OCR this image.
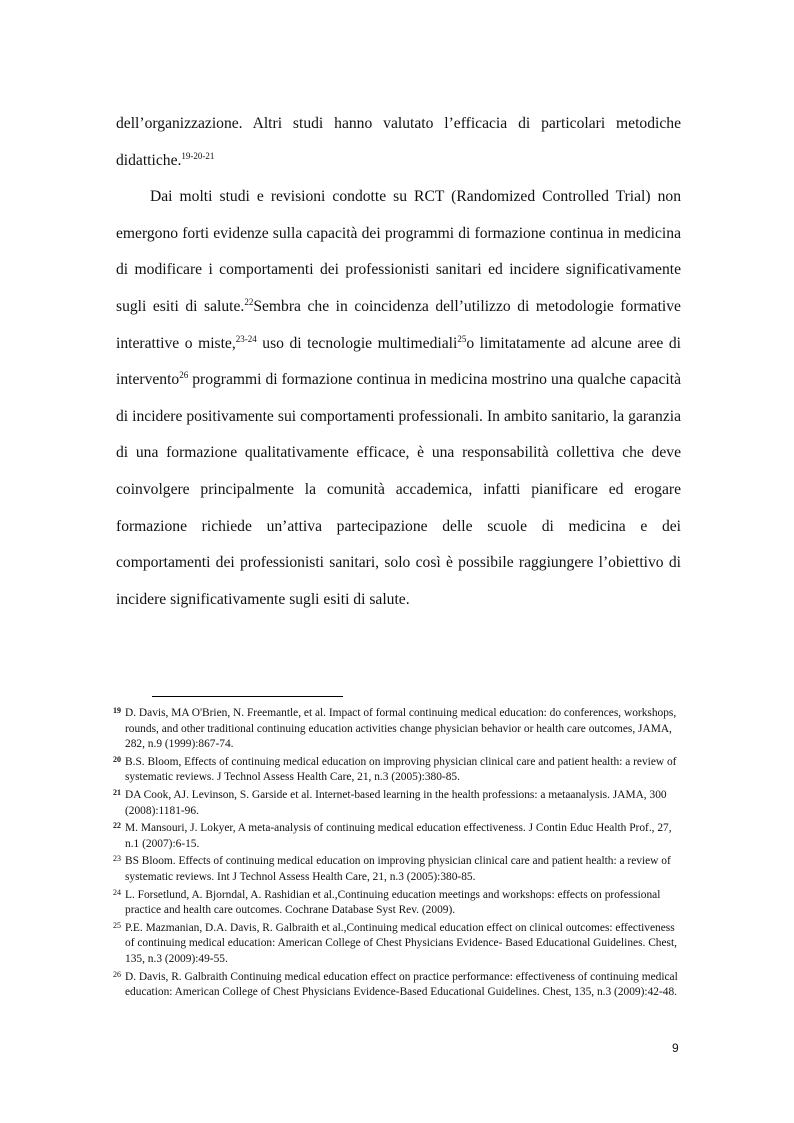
dell’organizzazione. Altri studi hanno valutato l’efficacia di particolari metodiche didattiche.$^{19-20-21}$

Dai molti studi e revisioni condotte su RCT (Randomized Controlled Trial) non emergono forti evidenze sulla capacità dei programmi di formazione continua in medicina di modificare i comportamenti dei professionisti sanitari ed incidere significativamente sugli esiti di salute.$^{22}$Sembra che in coincidenza dell’utilizzo di metodologie formative interattive o miste,$^{23-24}$ uso di tecnologie multimediali$^{25}$o limitatamente ad alcune aree di intervento$^{26}$ programmi di formazione continua in medicina mostrino una qualche capacità di incidere positivamente sui comportamenti professionali. In ambito sanitario, la garanzia di una formazione qualitativamente efficace, è una responsabilità collettiva che deve coinvolgere principalmente la comunità accademica, infatti pianificare ed erogare formazione richiede un’attiva partecipazione delle scuole di medicina e dei comportamenti dei professionisti sanitari, solo così è possibile raggiungere l’obiettivo di incidere significativamente sugli esiti di salute.

19 D. Davis, MA O'Brien, N. Freemantle, et al. Impact of formal continuing medical education: do conferences, workshops, rounds, and other traditional continuing education activities change physician behavior or health care outcomes, JAMA, 282, n.9 (1999):867-74.
20 B.S. Bloom, Effects of continuing medical education on improving physician clinical care and patient health: a review of systematic reviews. J Technol Assess Health Care, 21, n.3 (2005):380-85.
21 DA Cook, AJ. Levinson, S. Garside et al. Internet-based learning in the health professions: a metaanalysis. JAMA, 300 (2008):1181-96.
22 M. Mansouri, J. Lokyer, A meta-analysis of continuing medical education effectiveness. J Contin Educ Health Prof., 27, n.1 (2007):6-15.
23 BS Bloom. Effects of continuing medical education on improving physician clinical care and patient health: a review of systematic reviews. Int J Technol Assess Health Care, 21, n.3 (2005):380-85.
24 L. Forsetlund, A. Bjorndal, A. Rashidian et al.,Continuing education meetings and workshops: effects on professional practice and health care outcomes. Cochrane Database Syst Rev. (2009).
25 P.E. Mazmanian, D.A. Davis, R. Galbraith et al.,Continuing medical education effect on clinical outcomes: effectiveness of continuing medical education: American College of Chest Physicians Evidence- Based Educational Guidelines. Chest, 135, n.3 (2009):49-55.
26 D. Davis, R. Galbraith Continuing medical education effect on practice performance: effectiveness of continuing medical education: American College of Chest Physicians Evidence-Based Educational Guidelines. Chest, 135, n.3 (2009):42-48.
9
